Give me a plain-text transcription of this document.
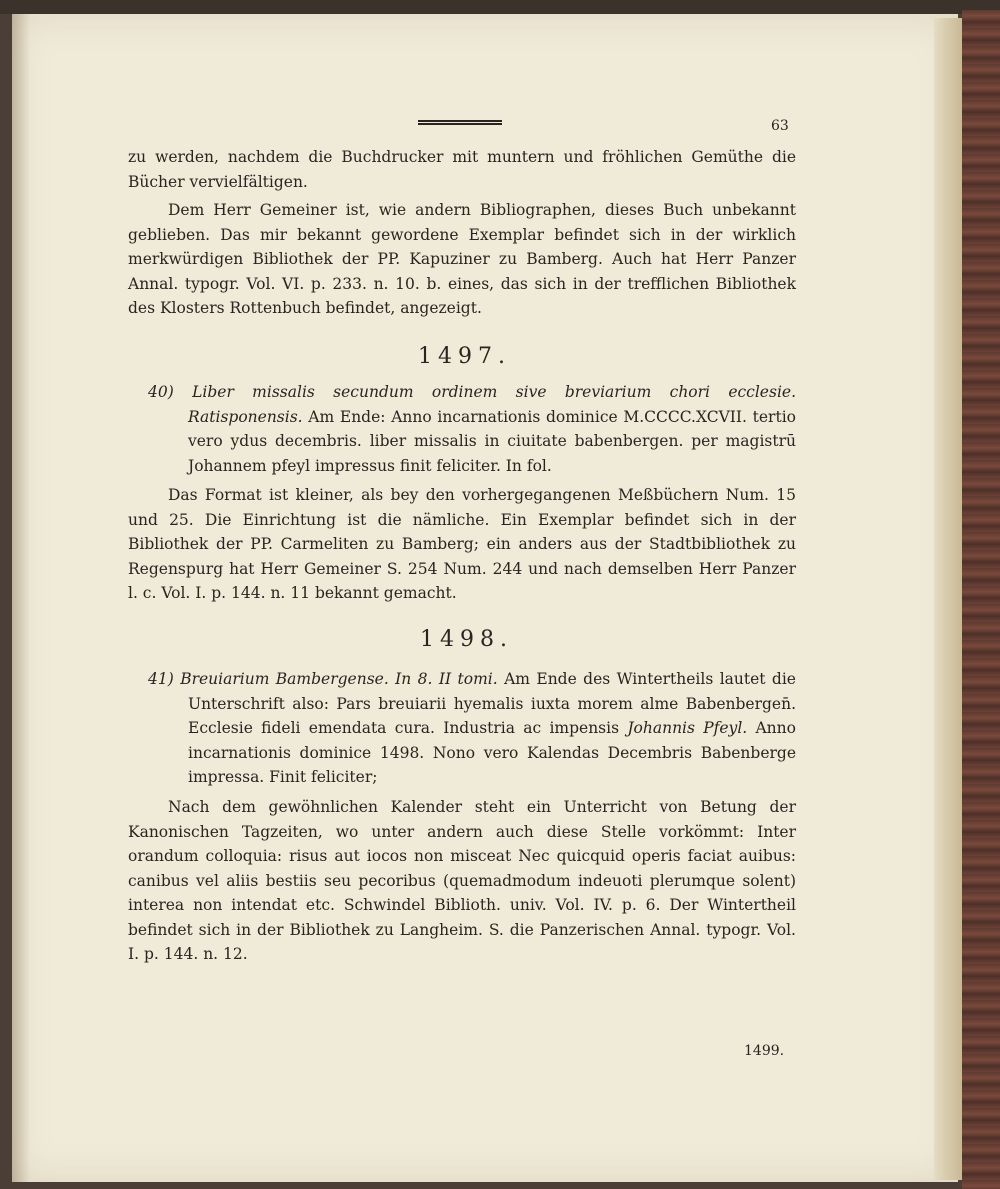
63

zu werden, nachdem die Buchdrucker mit muntern und fröhlichen Gemüthe die Bücher vervielfältigen.

Dem Herr Gemeiner ist, wie andern Bibliographen, dieses Buch unbekannt geblieben. Das mir bekannt gewordene Exemplar befindet sich in der wirklich merkwürdigen Bibliothek der PP. Kapuziner zu Bamberg. Auch hat Herr Panzer Annal. typogr. Vol. VI. p. 233. n. 10. b. eines, das sich in der trefflichen Bibliothek des Klosters Rottenbuch befindet, angezeigt.

1497.

40) Liber missalis secundum ordinem sive breviarium chori ecclesie. Ratisponensis. Am Ende: Anno incarnationis dominice M.CCCC.XCVII. tertio vero ydus decembris. liber missalis in ciuitate babenbergen. per magistrū Johannem pfeyl impressus finit feliciter. In fol.

Das Format ist kleiner, als bey den vorhergegangenen Meßbüchern Num. 15 und 25. Die Einrichtung ist die nämliche. Ein Exemplar befindet sich in der Bibliothek der PP. Carmeliten zu Bamberg; ein anders aus der Stadtbibliothek zu Regenspurg hat Herr Gemeiner S. 254 Num. 244 und nach demselben Herr Panzer l. c. Vol. I. p. 144. n. 11 bekannt gemacht.

1498.

41) Breuiarium Bambergense. In 8. II tomi. Am Ende des Wintertheils lautet die Unterschrift also: Pars breuiarii hyemalis iuxta morem alme Babenbergen̄. Ecclesie fideli emendata cura. Industria ac impensis Johannis Pfeyl. Anno incarnationis dominice 1498. Nono vero Kalendas Decembris Babenberge impressa. Finit feliciter;

Nach dem gewöhnlichen Kalender steht ein Unterricht von Betung der Kanonischen Tagzeiten, wo unter andern auch diese Stelle vorkömmt: Inter orandum colloquia: risus aut iocos non misceat Nec quicquid operis faciat auibus: canibus vel aliis bestiis seu pecoribus (quemadmodum indeuoti plerumque solent) interea non intendat etc. Schwindel Biblioth. univ. Vol. IV. p. 6. Der Wintertheil befindet sich in der Bibliothek zu Langheim. S. die Panzerischen Annal. typogr. Vol. I. p. 144. n. 12.

1499.
